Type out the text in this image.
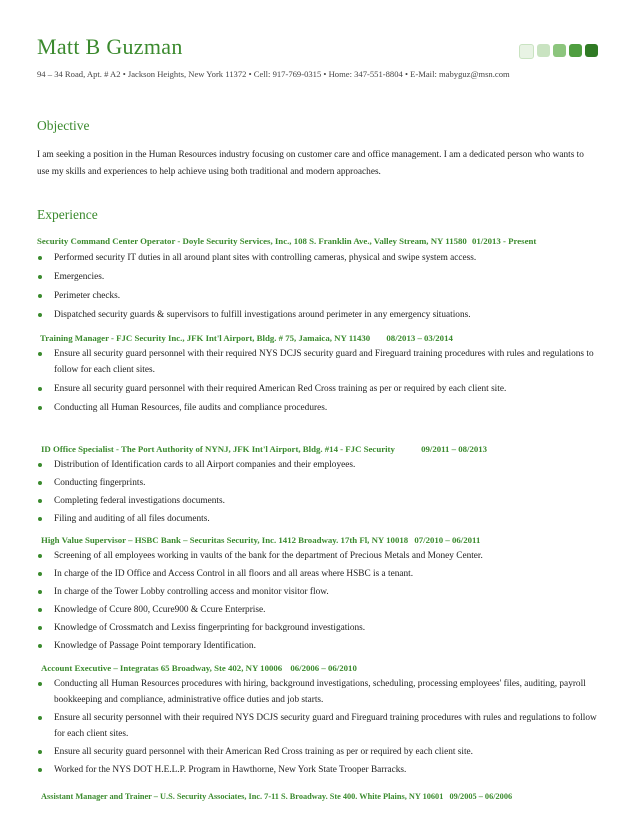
Matt B Guzman
94 – 34 Road, Apt. # A2 • Jackson Heights, New York 11372 • Cell: 917-769-0315 • Home: 347-551-8804 • E-Mail: mabyguz@msn.com
Objective
I am seeking a position in the Human Resources industry focusing on customer care and office management. I am a dedicated person who wants to use my skills and experiences to help achieve using both traditional and modern approaches.
Experience
Security Command Center Operator - Doyle Security Services, Inc., 108 S. Franklin Ave., Valley Stream, NY 11580 01/2013 - Present
Performed security IT duties in all around plant sites with controlling cameras, physical and swipe system access.
Emergencies.
Perimeter checks.
Dispatched security guards & supervisors to fulfill investigations around perimeter in any emergency situations.
Training Manager - FJC Security Inc., JFK Int'l Airport, Bldg. # 75, Jamaica, NY 11430 08/2013 – 03/2014
Ensure all security guard personnel with their required NYS DCJS security guard and Fireguard training procedures with rules and regulations to follow for each client sites.
Ensure all security guard personnel with their required American Red Cross training as per or required by each client site.
Conducting all Human Resources, file audits and compliance procedures.
ID Office Specialist - The Port Authority of NYNJ, JFK Int'l Airport, Bldg. #14 - FJC Security	09/2011 – 08/2013
Distribution of Identification cards to all Airport companies and their employees.
Conducting fingerprints.
Completing federal investigations documents.
Filing and auditing of all files documents.
High Value Supervisor – HSBC Bank – Securitas Security, Inc. 1412 Broadway. 17th Fl, NY 10018 07/2010 – 06/2011
Screening of all employees working in vaults of the bank for the department of Precious Metals and Money Center.
In charge of the ID Office and Access Control in all floors and all areas where HSBC is a tenant.
In charge of the Tower Lobby controlling access and monitor visitor flow.
Knowledge of Ccure 800, Ccure900 & Ccure Enterprise.
Knowledge of Crossmatch and Lexiss fingerprinting for background investigations.
Knowledge of Passage Point temporary Identification.
Account Executive – Integratas 65 Broadway, Ste 402, NY 10006 06/2006 – 06/2010
Conducting all Human Resources procedures with hiring, background investigations, scheduling, processing employees' files, auditing, payroll bookkeeping and compliance, administrative office duties and job starts.
Ensure all security personnel with their required NYS DCJS security guard and Fireguard training procedures with rules and regulations to follow for each client sites.
Ensure all security guard personnel with their American Red Cross training as per or required by each client site.
Worked for the NYS DOT H.E.L.P. Program in Hawthorne, New York State Trooper Barracks.
Assistant Manager and Trainer – U.S. Security Associates, Inc. 7-11 S. Broadway. Ste 400. White Plains, NY 10601 09/2005 – 06/2006
